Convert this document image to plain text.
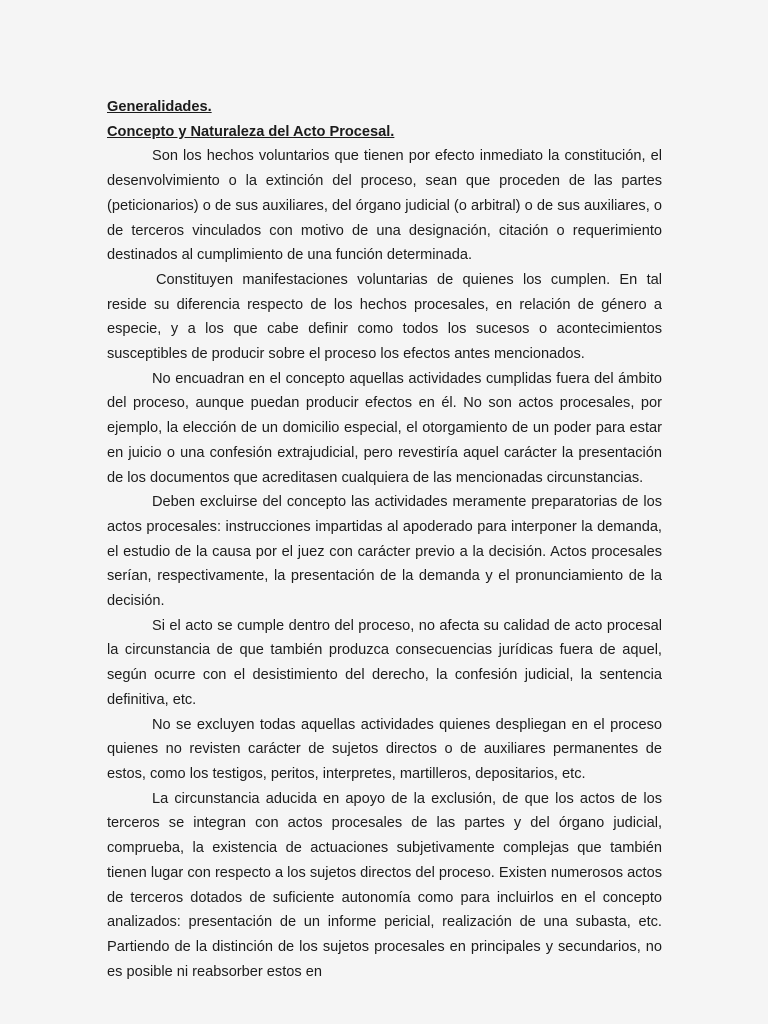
Generalidades.

Concepto y Naturaleza del Acto Procesal.

Son los hechos voluntarios que tienen por efecto inmediato la constitución, el desenvolvimiento o la extinción del proceso, sean que proceden de las partes (peticionarios) o de sus auxiliares, del órgano judicial (o arbitral) o de sus auxiliares, o de terceros vinculados con motivo de una designación, citación o requerimiento destinados al cumplimiento de una función determinada.

Constituyen manifestaciones voluntarias de quienes los cumplen. En tal reside su diferencia respecto de los hechos procesales, en relación de género a especie, y a los que cabe definir como todos los sucesos o acontecimientos susceptibles de producir sobre el proceso los efectos antes mencionados.

No encuadran en el concepto aquellas actividades cumplidas fuera del ámbito del proceso, aunque puedan producir efectos en él. No son actos procesales, por ejemplo, la elección de un domicilio especial, el otorgamiento de un poder para estar en juicio o una confesión extrajudicial, pero revestiría aquel carácter la presentación de los documentos que acreditasen cualquiera de las mencionadas circunstancias.

Deben excluirse del concepto las actividades meramente preparatorias de los actos procesales: instrucciones impartidas al apoderado para interponer la demanda, el estudio de la causa por el juez con carácter previo a la decisión. Actos procesales serían, respectivamente, la presentación de la demanda y el pronunciamiento de la decisión.

Si el acto se cumple dentro del proceso, no afecta su calidad de acto procesal la circunstancia de que también produzca consecuencias jurídicas fuera de aquel, según ocurre con el desistimiento del derecho, la confesión judicial, la sentencia definitiva, etc.

No se excluyen todas aquellas actividades quienes despliegan en el proceso quienes no revisten carácter de sujetos directos o de auxiliares permanentes de estos, como los testigos, peritos, interpretes, martilleros, depositarios, etc.

La circunstancia aducida en apoyo de la exclusión, de que los actos de los terceros se integran con actos procesales de las partes y del órgano judicial, comprueba, la existencia de actuaciones subjetivamente complejas que también tienen lugar con respecto a los sujetos directos del proceso. Existen numerosos actos de terceros dotados de suficiente autonomía como para incluirlos en el concepto analizados: presentación de un informe pericial, realización de una subasta, etc. Partiendo de la distinción de los sujetos procesales en principales y secundarios, no es posible ni reabsorber estos en
